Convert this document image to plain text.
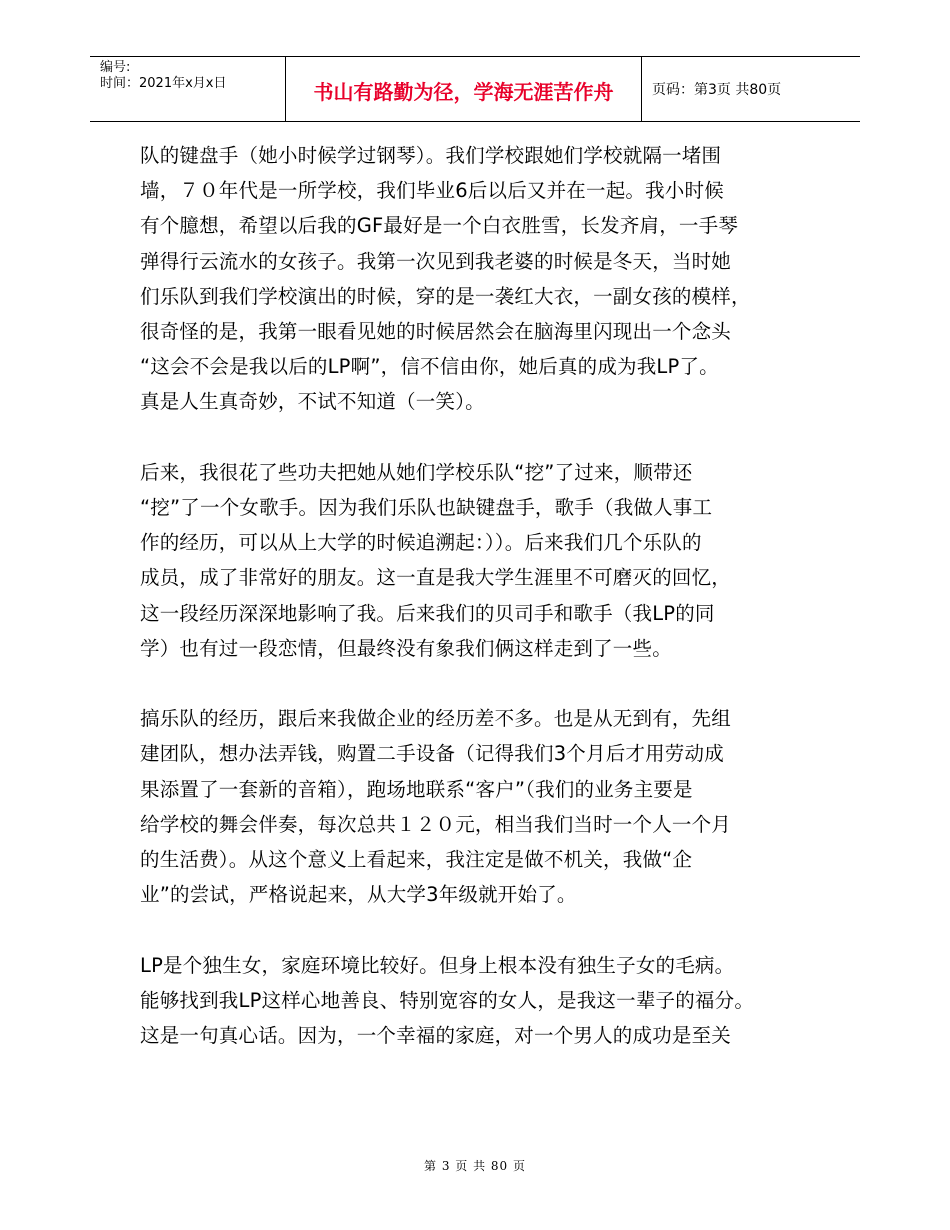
编号:
时间：2021年x月x日	书山有路勤为径，学海无涯苦作舟	页码：第3页 共80页
队的键盘手（她小时候学过钢琴）。我们学校跟她们学校就隔一堵围
墙，７０年代是一所学校，我们毕业6后以后又并在一起。我小时候
有个臆想，希望以后我的GF最好是一个白衣胜雪，长发齐肩，一手琴
弹得行云流水的女孩子。我第一次见到我老婆的时候是冬天，当时她
们乐队到我们学校演出的时候，穿的是一袭红大衣，一副女孩的模样，
很奇怪的是，我第一眼看见她的时候居然会在脑海里闪现出一个念头
“这会不会是我以后的LP啊”，信不信由你，她后真的成为我LP了。
真是人生真奇妙，不试不知道（一笑）。
后来，我很花了些功夫把她从她们学校乐队“挖”了过来，顺带还
“挖”了一个女歌手。因为我们乐队也缺键盘手，歌手（我做人事工
作的经历，可以从上大学的时候追溯起：））。后来我们几个乐队的
成员，成了非常好的朋友。这一直是我大学生涯里不可磨灭的回忆，
这一段经历深深地影响了我。后来我们的贝司手和歌手（我LP的同
学）也有过一段恋情，但最终没有象我们俩这样走到了一些。
搞乐队的经历，跟后来我做企业的经历差不多。也是从无到有，先组
建团队，想办法弄钱，购置二手设备（记得我们3个月后才用劳动成
果添置了一套新的音箱），跑场地联系“客户”（我们的业务主要是
给学校的舞会伴奏，每次总共１２０元，相当我们当时一个人一个月
的生活费）。从这个意义上看起来，我注定是做不机关，我做“企
业”的尝试，严格说起来，从大学3年级就开始了。
LP是个独生女，家庭环境比较好。但身上根本没有独生子女的毛病。
能够找到我LP这样心地善良、特别宽容的女人，是我这一辈子的福分。
这是一句真心话。因为，一个幸福的家庭，对一个男人的成功是至关
第 3 页 共 80 页
